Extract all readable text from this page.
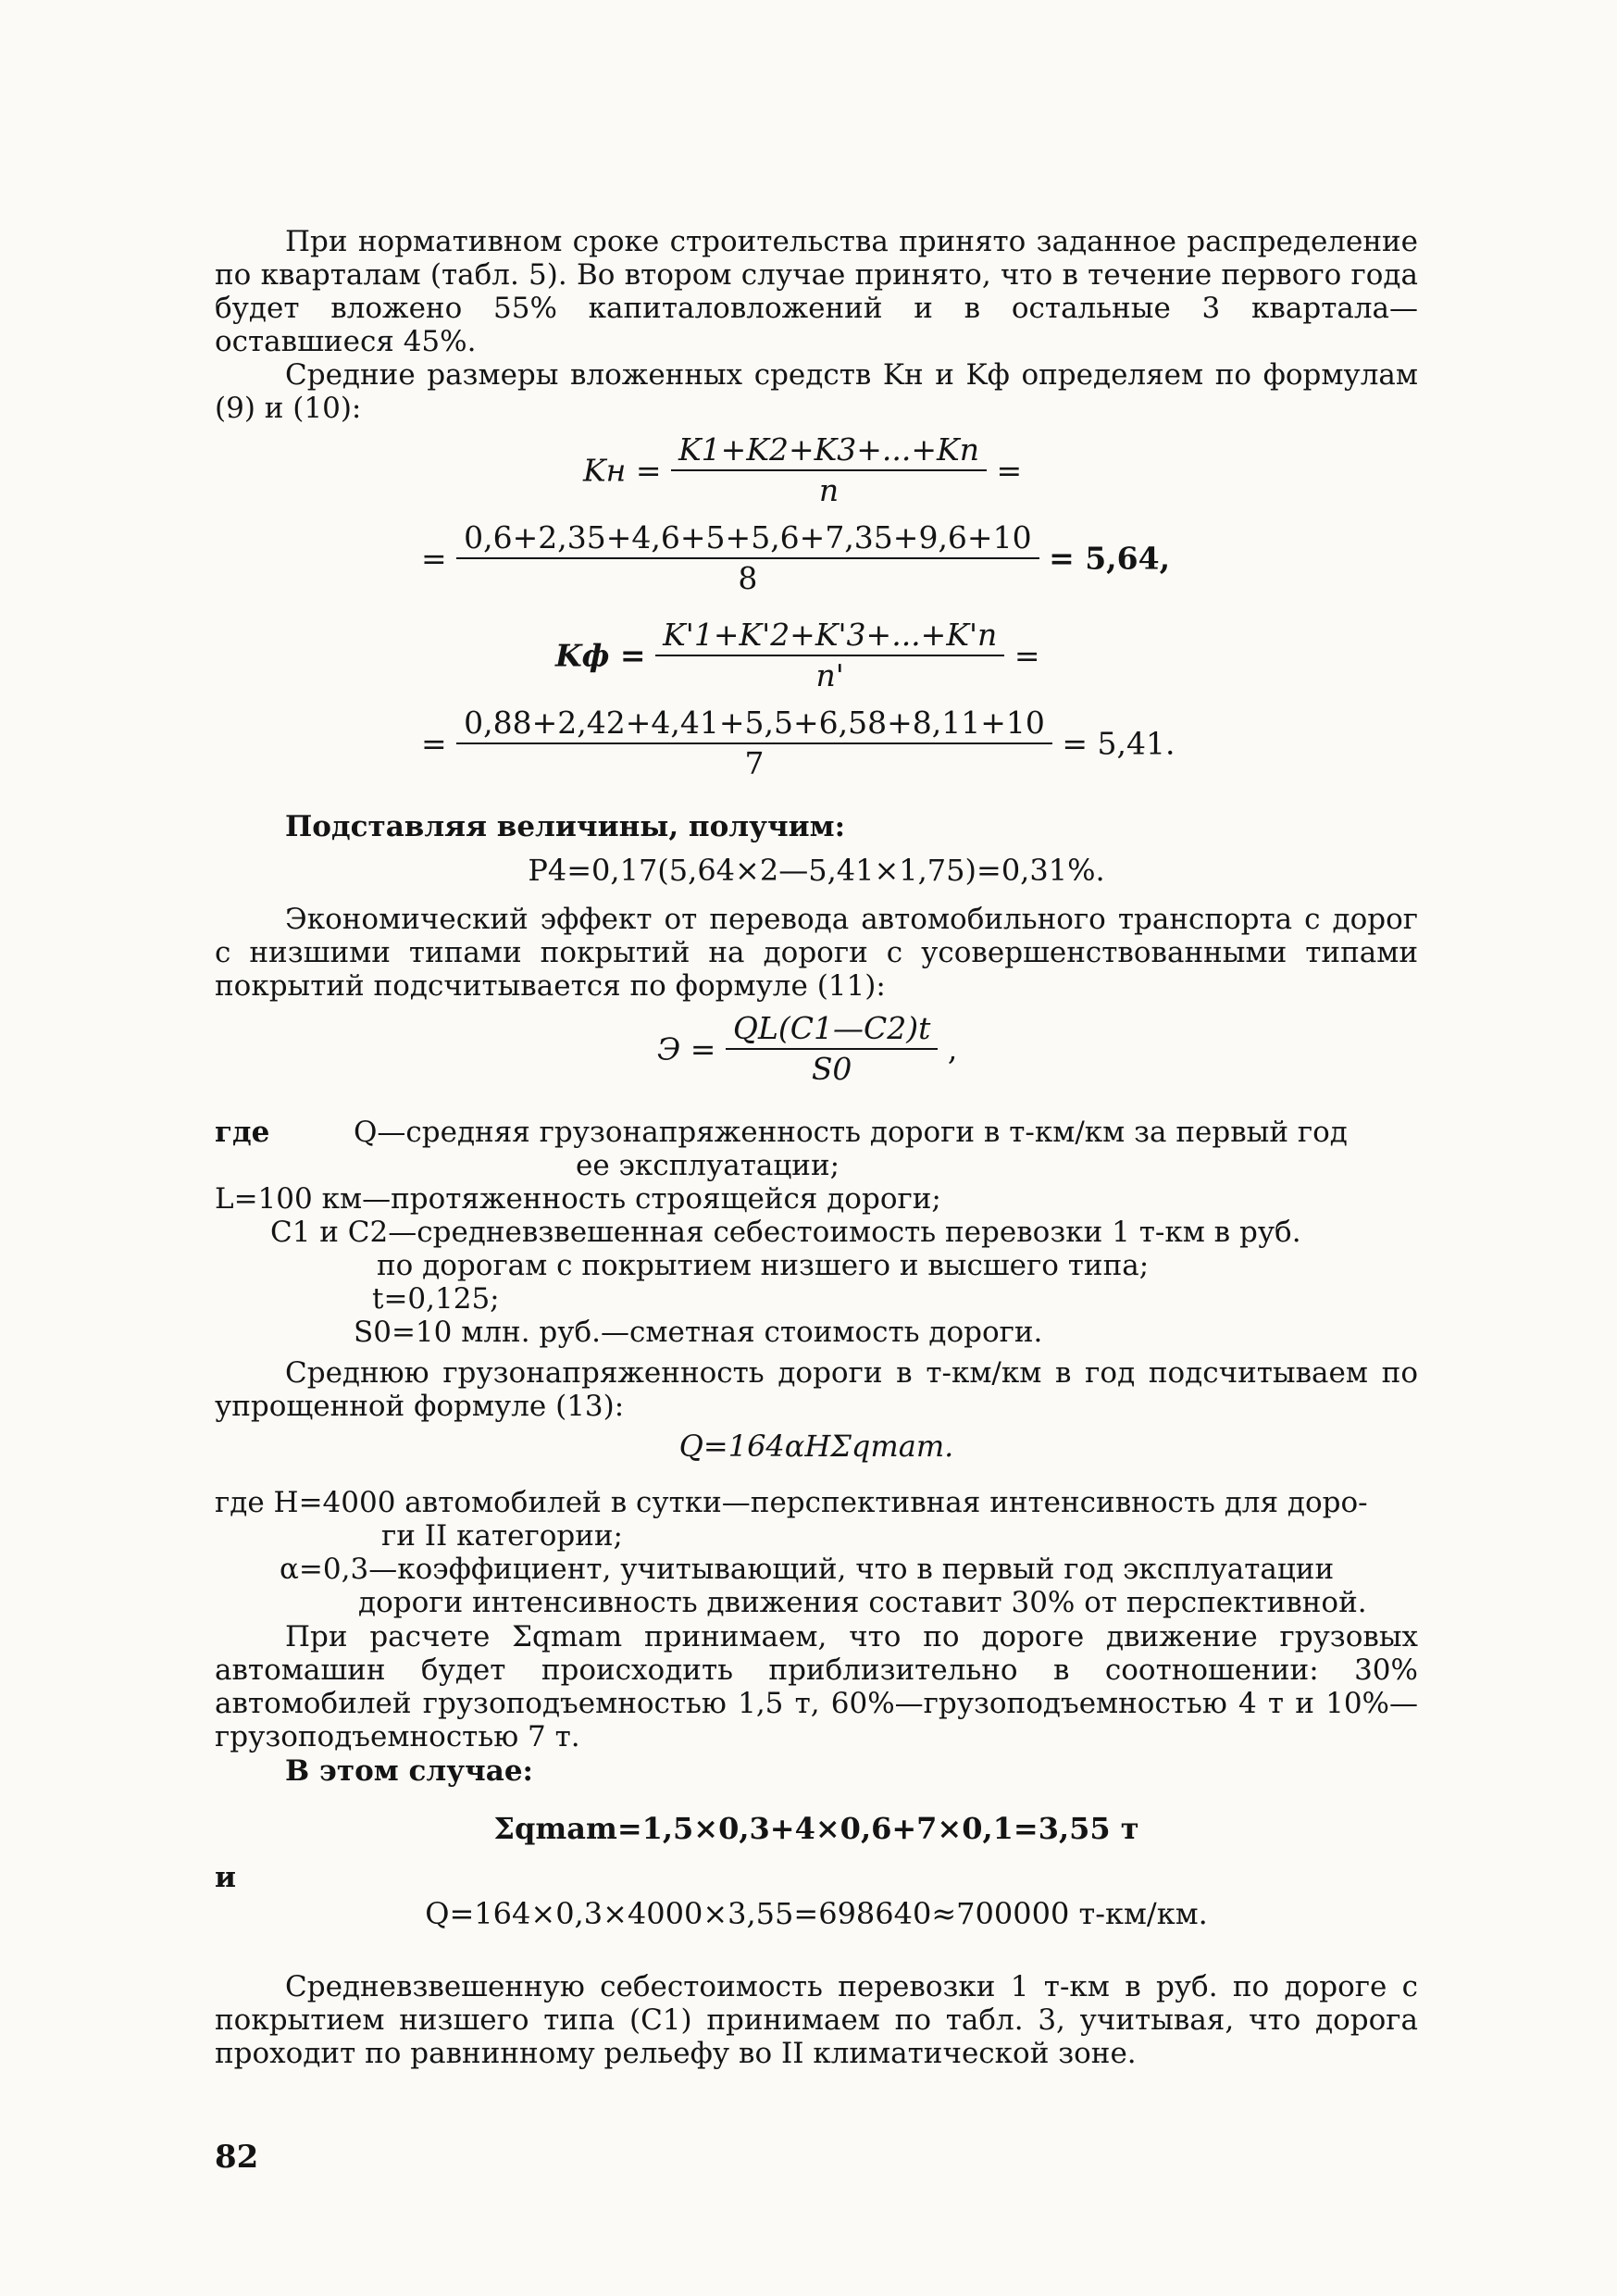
При нормативном сроке строительства принято заданное распределение по кварталам (табл. 5). Во втором случае принято, что в течение первого года будет вложено 55% капиталовложений и в остальные 3 квартала— оставшиеся 45%.
Средние размеры вложенных средств Kн и Kф определяем по формулам (9) и (10):
Kн = $\frac{K1+K2+K3+...+Kn}{n}$ =
= $\frac{0,6+2,35+4,6+5+5,6+7,35+9,6+10}{8} = 5,64$,
Kф = $\frac{K'1+K'2+K'3+...+K'n}{n'}$ =
= $\frac{0,88+2,42+4,41+5,5+6,58+8,11+10}{7} = 5,41$.
Подставляя величины, получим:
P4=0,17(5,64×2—5,41×1,75)=0,31%.
Экономический эффект от перевода автомобильного транспорта с дорог с низшими типами покрытий на дороги с усовершенствованными типами покрытий подсчитывается по формуле (11):
$Э = \frac{QL(C1—C2)t}{S0}$ ,
где	Q—средняя грузонапряженность дороги в т-км/км за первый год
ее эксплуатации;
L=100 км—протяженность строящейся дороги;
C1 и C2—средневзвешенная себестоимость перевозки 1 т-км в руб.
по дорогам с покрытием низшего и высшего типа;
t=0,125;
S0=10 млн. руб.—сметная стоимость дороги.
Среднюю грузонапряженность дороги в т-км/км в год подсчитываем по упрощенной формуле (13):
Q=164αHΣqmam.
где H=4000 автомобилей в сутки—перспективная интенсивность для доро-
ги II категории;
α=0,3—коэффициент, учитывающий, что в первый год эксплуатации
дороги интенсивность движения составит 30% от перспективной.
При расчете Σqmam принимаем, что по дороге движение грузовых автомашин будет происходить приблизительно в соотношении: 30% автомобилей грузоподъемностью 1,5 т, 60%—грузоподъемностью 4 т и 10%— грузоподъемностью 7 т.
В этом случае:
Σqmam=1,5×0,3+4×0,6+7×0,1=3,55 т
и
Q=164×0,3×4000×3,55=698640≈700000 т-км/км.
Средневзвешенную себестоимость перевозки 1 т-км в руб. по дороге с покрытием низшего типа (C1) принимаем по табл. 3, учитывая, что дорога проходит по равнинному рельефу во II климатической зоне.
82
